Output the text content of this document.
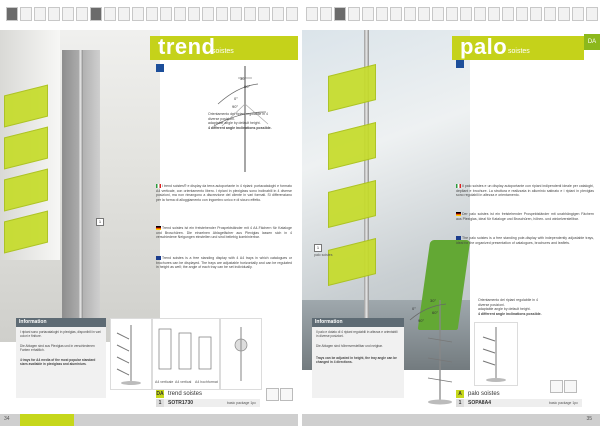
1
trend
soistes
30°
60°
0°
90°
Orientamento dei ripiani regolabile in 4
diverse posizioni.
adaptable angle by default height.
4 different angle inclinations possible.
I trend soistes® e display da terra autoportante in 4 ripiani: portacataloghi e formato A4 verticale, con orientamento libero. I ripiani in plexiglass sono inclinabili in 4 diverse posizioni, ma non rimangono a discrezione del cliente in vari formati. Si differenziano per la forma di alloggiamento con ingombro unico e di sicuro effetto.
Trend soistes ist ein freistehender Prospektständer mit 4 A4-Fächern für Kataloge und Broschüren. Die einzelnen Ablagefächer aus Plexiglas lassen sich in 4 verschiedene Neigungen einstellen und sind beliebig kombinierbar.
Trend soistes is a free standing display with 4 A4 trays in which catalogues or brochures can be displayed. The trays are adjustable horizontally and can be regulated in height as well; the angle of each tray can be set individually.
Information
I ripiani sono portacataloghi in plexiglas, disponibili in vari colori e finiture.
Die Ablagen sind aus Plexiglas und in verschiedenen Farben erhaltlich.
4 trays for A4 media of the most popular standard sizes available in plexiglass and aluminium.
A4 verticale A4 vertical A4 hochformat
DA trend soistes
1	SOTR1730	basic package 1pc
34
DA
1
palo soistes
palo soistes
Il palo soistes e un display autoportante con ripiani indipendenti ideale per cataloghi, depliant e brochure. La struttura e realizzata in alluminio satinato e i ripiani in plexiglas sono regolabili in altezza e orientamento.
Der palo soistes ist ein freistehender Prospektständer mit unabhängigen Fächern aus Plexiglas, ideal für Kataloge und Broschüren, höhen- und winkelverstellbar.
The palo soistes is a free standing pole-display with independently adjustable trays, ideal for the organized presentation of catalogues, brochures and leaflets.
Information
Il palo e dotato di 4 ripiani regolabili in altezza e orientabili in diverse posizioni.
Die Ablagen sind höhenverstellbar und neigbar.
Trays can be adjusted in height, the tray angle can be changed in 4 directions.
30°
0°
60°
90°
Orientamento dei ripiani regolabile in 4
diverse posizioni.
adaptable angle by default height.
4 different angle inclinations possible.
A	palo soistes
1	SOPA8A4	basic package 1pc
35
